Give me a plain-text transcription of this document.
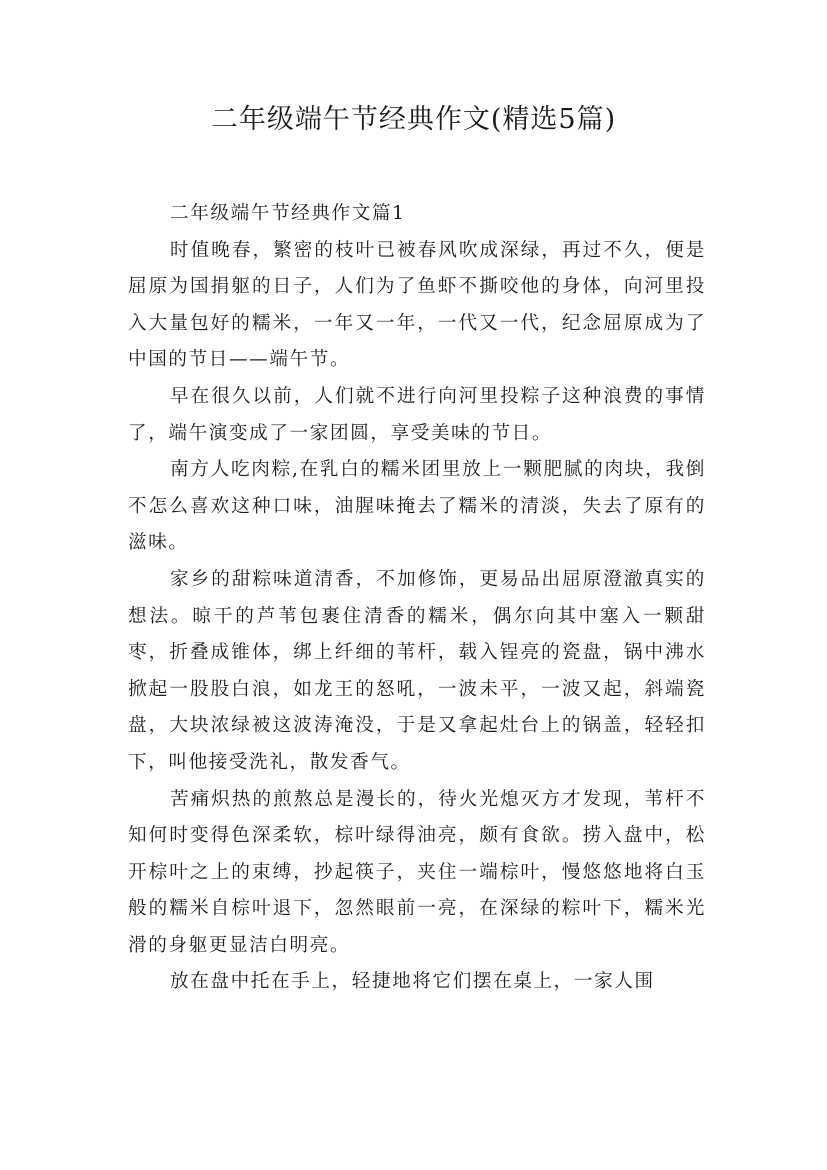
二年级端午节经典作文(精选5篇)

二年级端午节经典作文篇1

时值晚春，繁密的枝叶已被春风吹成深绿，再过不久，便是屈原为国捐躯的日子，人们为了鱼虾不撕咬他的身体，向河里投入大量包好的糯米，一年又一年，一代又一代，纪念屈原成为了中国的节日——端午节。

早在很久以前，人们就不进行向河里投粽子这种浪费的事情了，端午演变成了一家团圆，享受美味的节日。

南方人吃肉粽,在乳白的糯米团里放上一颗肥腻的肉块，我倒不怎么喜欢这种口味，油腥味掩去了糯米的清淡，失去了原有的滋味。

家乡的甜粽味道清香，不加修饰，更易品出屈原澄澈真实的想法。晾干的芦苇包裹住清香的糯米，偶尔向其中塞入一颗甜枣，折叠成锥体，绑上纤细的苇杆，载入锃亮的瓷盘，锅中沸水掀起一股股白浪，如龙王的怒吼，一波未平，一波又起，斜端瓷盘，大块浓绿被这波涛淹没，于是又拿起灶台上的锅盖，轻轻扣下，叫他接受洗礼，散发香气。

苦痛炽热的煎熬总是漫长的，待火光熄灭方才发现，苇杆不知何时变得色深柔软，棕叶绿得油亮，颇有食欲。捞入盘中，松开棕叶之上的束缚，抄起筷子，夹住一端棕叶，慢悠悠地将白玉般的糯米自棕叶退下，忽然眼前一亮，在深绿的粽叶下，糯米光滑的身躯更显洁白明亮。

放在盘中托在手上，轻捷地将它们摆在桌上，一家人围
